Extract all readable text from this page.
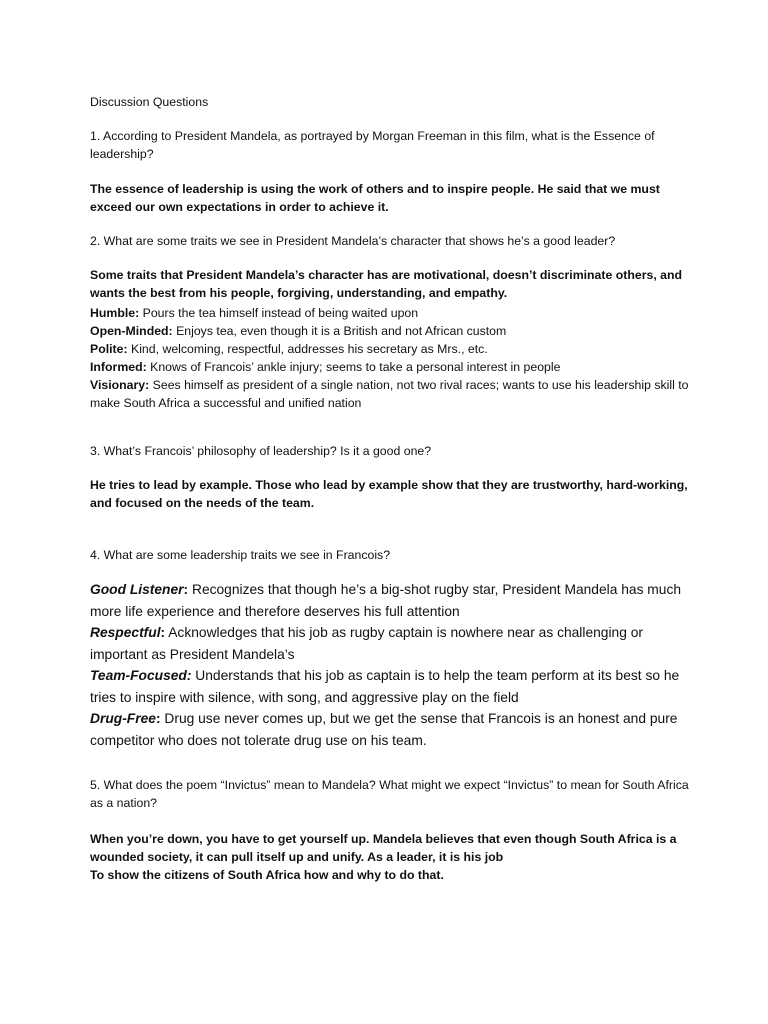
Discussion Questions

1. According to President Mandela, as portrayed by Morgan Freeman in this film, what is the Essence of leadership?

The essence of leadership is using the work of others and to inspire people. He said that we must exceed our own expectations in order to achieve it.

2. What are some traits we see in President Mandela’s character that shows he’s a good leader?

Some traits that President Mandela’s character has are motivational, doesn’t discriminate others, and wants the best from his people, forgiving, understanding, and empathy.

Humble: Pours the tea himself instead of being waited upon

Open-Minded: Enjoys tea, even though it is a British and not African custom

Polite: Kind, welcoming, respectful, addresses his secretary as Mrs., etc.

Informed: Knows of Francois’ ankle injury; seems to take a personal interest in people

Visionary: Sees himself as president of a single nation, not two rival races; wants to use his leadership skill to make South Africa a successful and unified nation

3. What’s Francois’ philosophy of leadership? Is it a good one?

He tries to lead by example. Those who lead by example show that they are trustworthy, hard-working, and focused on the needs of the team.

4. What are some leadership traits we see in Francois?

Good Listener: Recognizes that though he’s a big-shot rugby star, President Mandela has much more life experience and therefore deserves his full attention

Respectful: Acknowledges that his job as rugby captain is nowhere near as challenging or important as President Mandela’s

Team-Focused: Understands that his job as captain is to help the team perform at its best so he tries to inspire with silence, with song, and aggressive play on the field

Drug-Free: Drug use never comes up, but we get the sense that Francois is an honest and pure competitor who does not tolerate drug use on his team.

5. What does the poem “Invictus” mean to Mandela? What might we expect “Invictus” to mean for South Africa as a nation?

When you’re down, you have to get yourself up. Mandela believes that even though South Africa is a

wounded society, it can pull itself up and unify. As a leader, it is his job

To show the citizens of South Africa how and why to do that.
